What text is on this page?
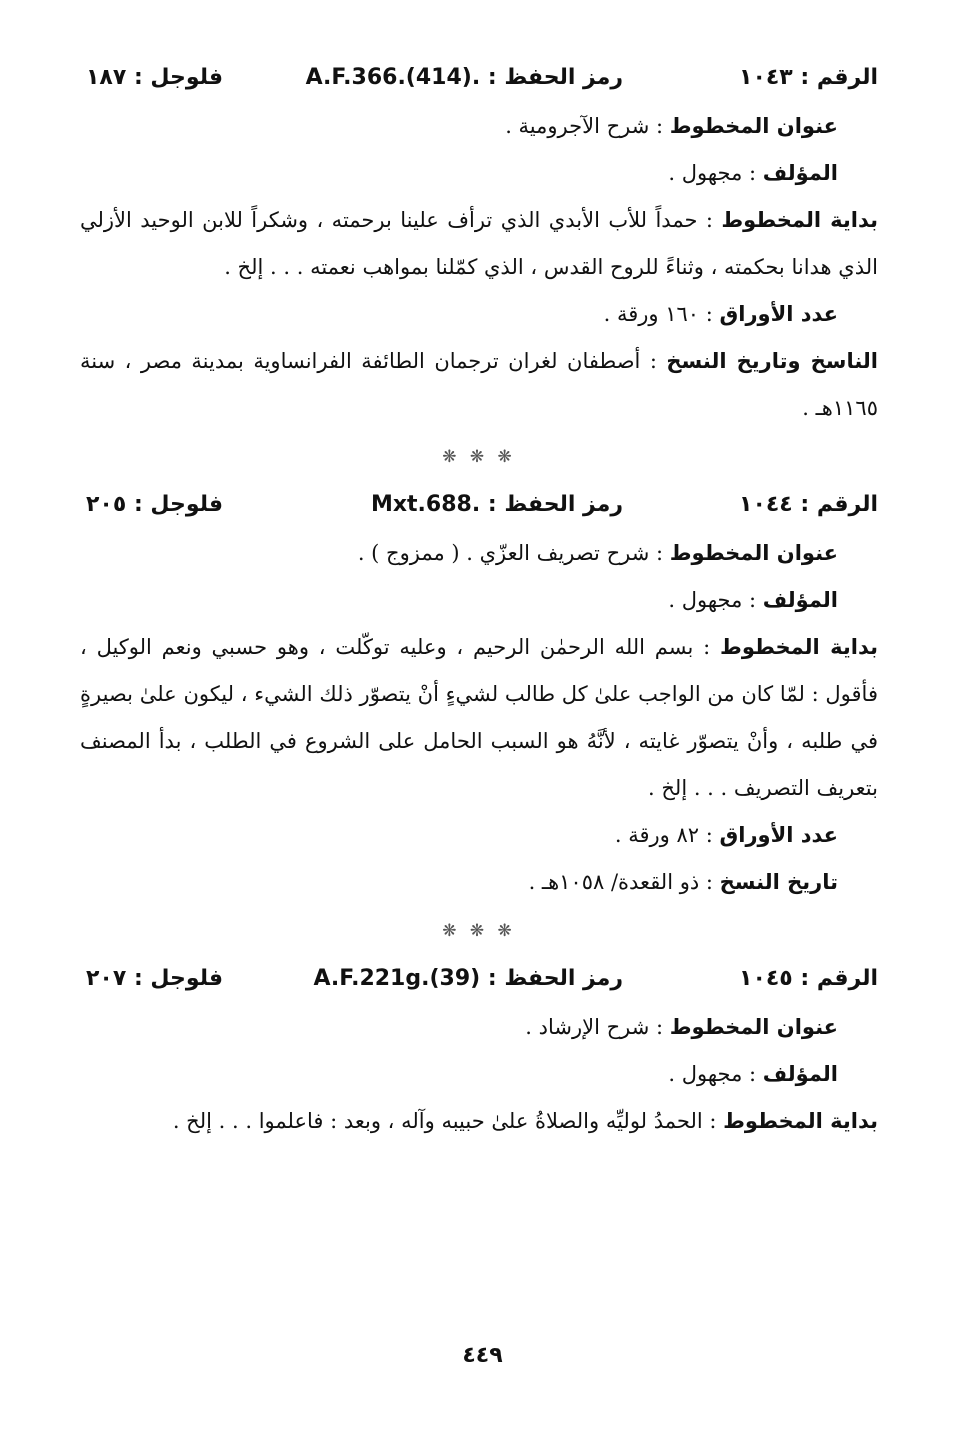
الرقم : ١٠٤٣
رمز الحفظ : .A.F.366.(414)
فلوجل : ١٨٧
عنوان المخطوط : شرح الآجرومية .
المؤلف : مجهول .
بداية المخطوط : حمداً للأب الأبدي الذي ترأف علينا برحمته ، وشكراً للابن الوحيد الأزلي الذي هدانا بحكمته ، وثناءً للروح القدس ، الذي كمّلنا بمواهب نعمته . . . إلخ .
عدد الأوراق : ١٦٠ ورقة .
الناسخ وتاريخ النسخ : أصطفان لغران ترجمان الطائفة الفرانساوية بمدينة مصر ، سنة ١١٦٥هـ .
❋ ❋ ❋
الرقم : ١٠٤٤
رمز الحفظ : .Mxt.688
فلوجل : ٢٠٥
عنوان المخطوط : شرح تصريف العزّي . ( ممزوج ) .
المؤلف : مجهول .
بداية المخطوط : بسم الله الرحمٰن الرحيم ، وعليه توكّلت ، وهو حسبي ونعم الوكيل ، فأقول : لمّا كان من الواجب علىٰ كل طالب لشيءٍ أنْ يتصوّر ذلك الشيء ، ليكون علىٰ بصيرةٍ في طلبه ، وأنْ يتصوّر غايته ، لأنَّهُ هو السبب الحامل على الشروع في الطلب ، بدأ المصنف بتعريف التصريف . . . إلخ .
عدد الأوراق : ٨٢ ورقة .
تاريخ النسخ : ذو القعدة/ ١٠٥٨هـ .
❋ ❋ ❋
الرقم : ١٠٤٥
رمز الحفظ : A.F.221g.(39)
فلوجل : ٢٠٧
عنوان المخطوط : شرح الإرشاد .
المؤلف : مجهول .
بداية المخطوط : الحمدُ لوليِّه والصلاةُ علىٰ حبيبه وآله ، وبعد : فاعلموا . . . إلخ .
٤٤٩
